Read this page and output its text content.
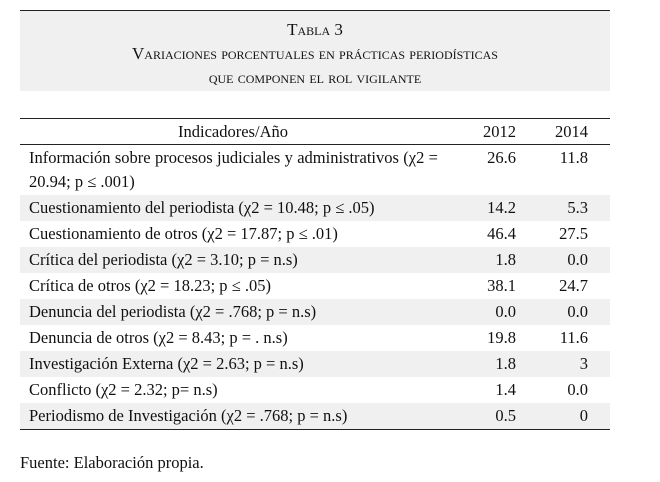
Tabla 3
Variaciones porcentuales en prácticas periodísticas
que componen el rol vigilante
Indicadores/Año	2012	2014
Información sobre procesos judiciales y administrativos (χ2 = 20.94; p ≤ .001)	26.6	11.8
Cuestionamiento del periodista (χ2 = 10.48; p ≤ .05)	14.2	5.3
Cuestionamiento de otros (χ2 = 17.87; p ≤ .01)	46.4	27.5
Crítica del periodista (χ2 = 3.10; p = n.s)	1.8	0.0
Crítica de otros (χ2 = 18.23; p ≤ .05)	38.1	24.7
Denuncia del periodista (χ2 = .768; p = n.s)	0.0	0.0
Denuncia de otros (χ2 = 8.43; p = . n.s)	19.8	11.6
Investigación Externa (χ2 = 2.63; p = n.s)	1.8	3
Conflicto (χ2 = 2.32; p= n.s)	1.4	0.0
Periodismo de Investigación (χ2 = .768; p = n.s)	0.5	0
Fuente: Elaboración propia.
